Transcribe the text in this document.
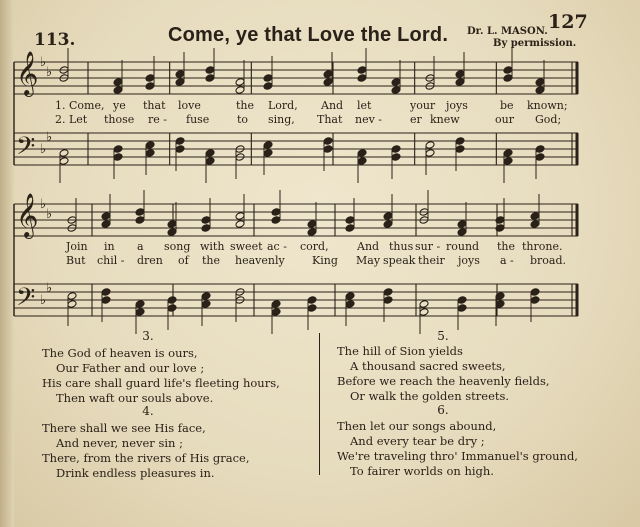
113.	Come, ye that Love the Lord. Dr. L. MASON.
By permission.
127
𝄞 ♭
♭
𝄢 ♭
♭
𝄞 ♭
♭
𝄢 ♭
♭
1. Come, ye that love	the Lord, And let	your joys	be known;
2. Let those re - fuse	to sing, That nev -	er knew	our God;
Join in a song with sweet ac - cord,	And thus sur - round the throne.
But chil - dren of the heavenly King May speak their joys a - broad.
3.
The God of heaven is ours,
Our Father and our love ;
His care shall guard life's fleeting hours,
Then waft our souls above.
4.
There shall we see His face,
And never, never sin ;
There, from the rivers of His grace,
Drink endless pleasures in.
5.
The hill of Sion yields
A thousand sacred sweets,
Before we reach the heavenly fields,
Or walk the golden streets.
6.
Then let our songs abound,
And every tear be dry ;
We're traveling thro' Immanuel's ground,
To fairer worlds on high.
